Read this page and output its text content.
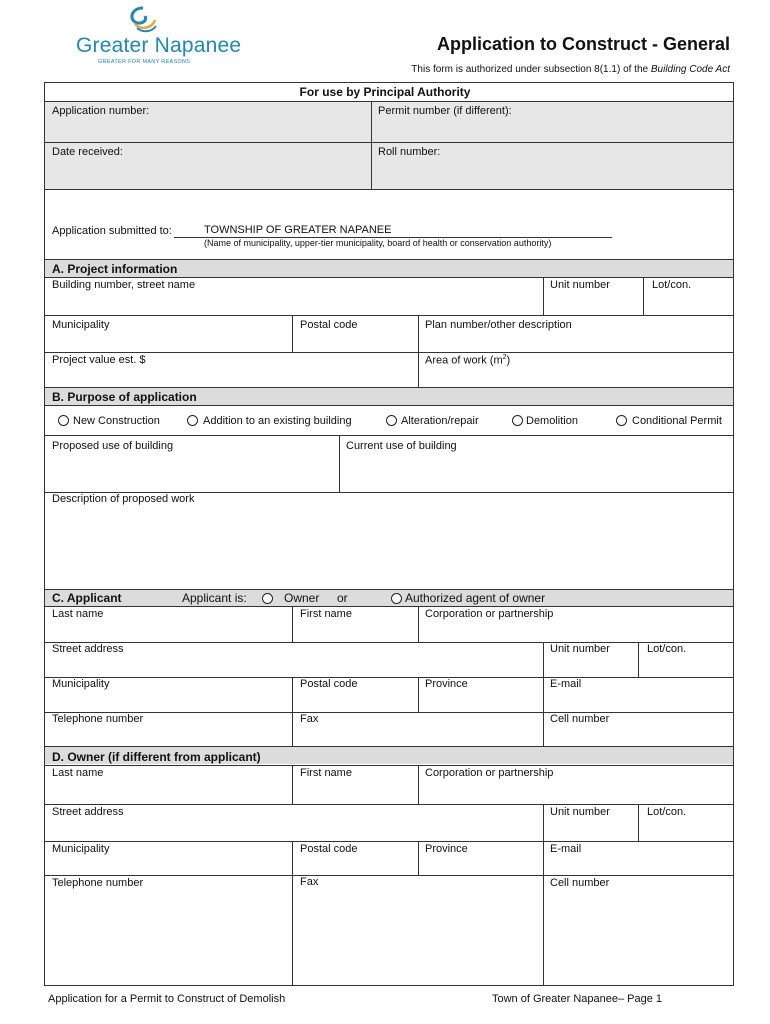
Greater Napanee
GREATER FOR MANY REASONS
Application to Construct - General
This form is authorized under subsection 8(1.1) of the Building Code Act
For use by Principal Authority
Application number:	Permit number (if different):
Date received:	Roll number:
Application submitted to:	TOWNSHIP OF GREATER NAPANEE
(Name of municipality, upper-tier municipality, board of health or conservation authority)
A. Project information
Building number, street name	Unit number	Lot/con.
Municipality	Postal code	Plan number/other description
Project value est. $	Area of work $(m^2)$
B. Purpose of application
New Construction	Addition to an existing building	Alteration/repair	Demolition	Conditional Permit
Proposed use of building	Current use of building
Description of proposed work
C. Applicant	Applicant is:	Owner or	Authorized agent of owner
Last name	First name	Corporation or partnership
Street address	Unit number	Lot/con.
Municipality	Postal code	Province	E-mail
Telephone number	Fax	Cell number
D. Owner (if different from applicant)
Last name	First name	Corporation or partnership
Street address	Unit number	Lot/con.
Municipality	Postal code	Province	E-mail
Telephone number	Fax	Cell number
Application for a Permit to Construct of Demolish	Town of Greater Napanee– Page 1
